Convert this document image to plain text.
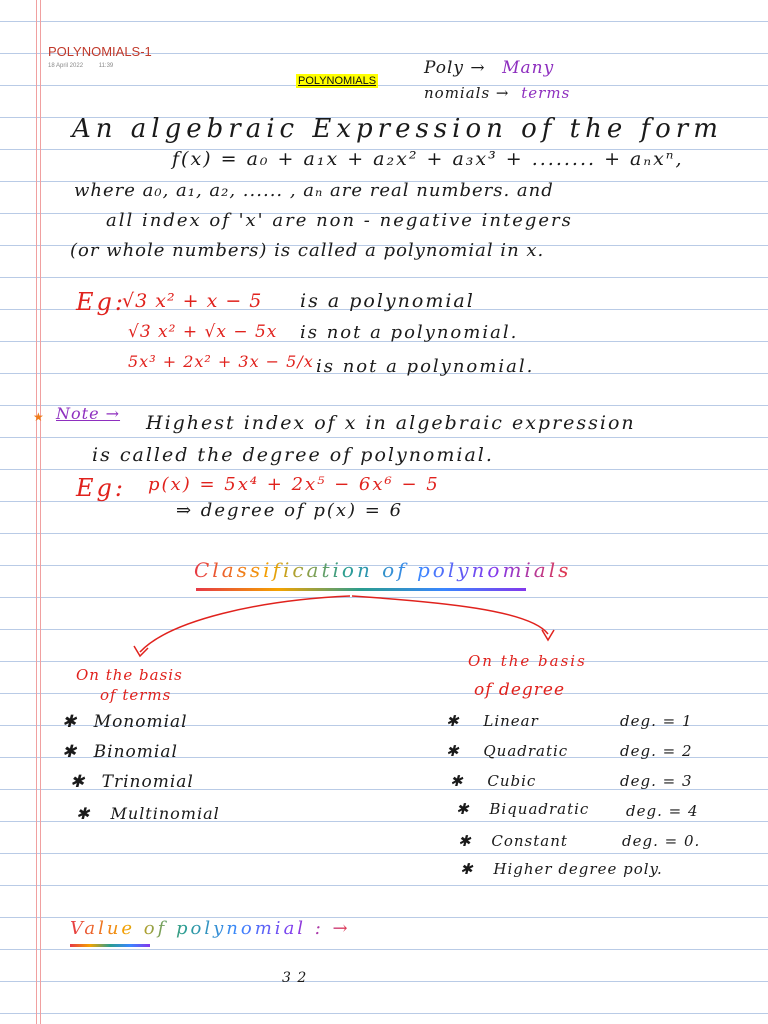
POLYNOMIALS-1
18 April 2022	11:39
POLYNOMIALS
Poly → Many
nomials → terms
An algebraic Expression of the form
f(x) = a₀ + a₁x + a₂x² + a₃x³ + ........ + aₙxⁿ,
where a₀, a₁, a₂, ...... , aₙ are real numbers. and
all index of 'x' are non - negative integers
(or whole numbers) is called a polynomial in x.
Eg:
√3 x² + x − 5 is a polynomial
√3 x² + √x − 5x is not a polynomial.
5x³ + 2x² + 3x − 5/x is not a polynomial.
★ Note → Highest index of x in algebraic expression
is called the degree of polynomial.
Eg: p(x) = 5x⁴ + 2x⁵ − 6x⁶ − 5
⇒ degree of p(x) = 6
Classification of polynomials
On the basis
of terms
✱ Monomial
✱ Binomial
✱ Trinomial
✱ Multinomial
On the basis
of degree
✱ Linear	deg. = 1
✱ Quadratic	deg. = 2
✱ Cubic	deg. = 3
✱ Biquadratic deg. = 4
✱ Constant	deg. = 0.
✱ Higher degree poly.
Value of polynomial : →
3 2
